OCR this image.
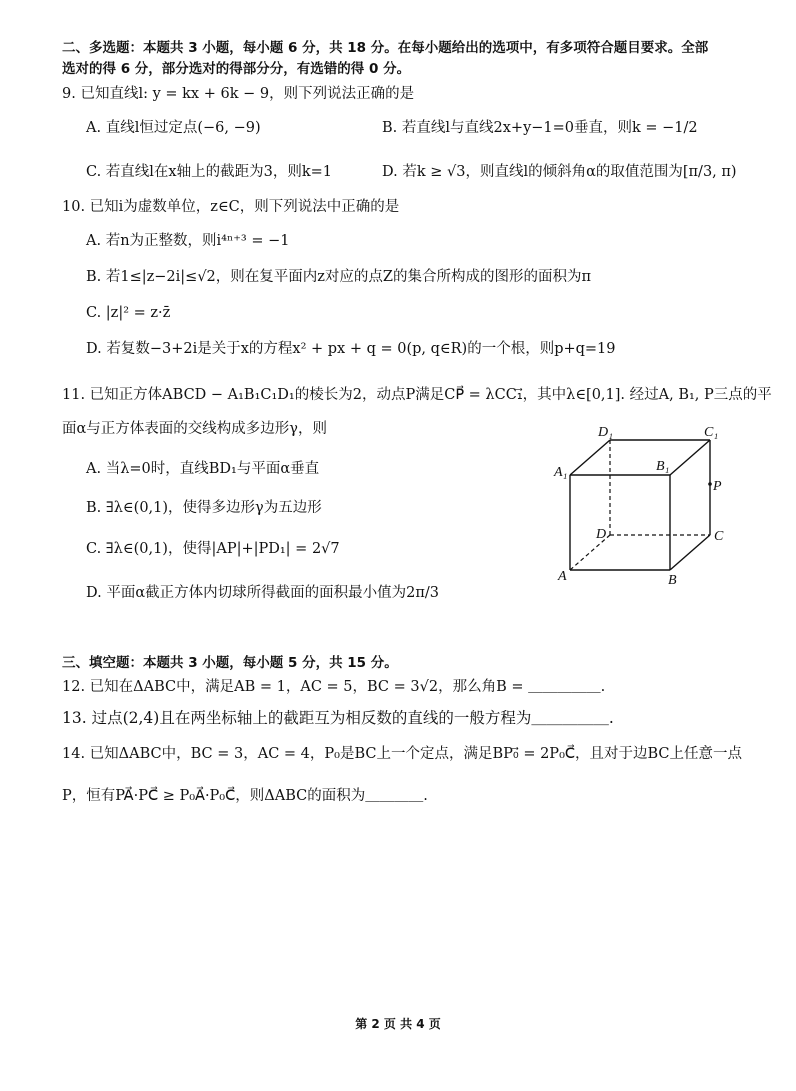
二、多选题：本题共 3 小题，每小题 6 分，共 18 分。在每小题给出的选项中，有多项符合题目要求。全部
选对的得 6 分，部分选对的得部分分，有选错的得 0 分。
9. 已知直线l: y = kx + 6k − 9，则下列说法正确的是
A. 直线l恒过定点(−6, −9)	B. 若直线l与直线2x+y−1=0垂直，则k = −1/2
C. 若直线l在x轴上的截距为3，则k=1	D. 若k ≥ √3，则直线l的倾斜角α的取值范围为[π/3, π)
10. 已知i为虚数单位，z∈C，则下列说法中正确的是
A. 若n为正整数，则i⁴ⁿ⁺³ = −1
B. 若1≤|z−2i|≤√2，则在复平面内z对应的点Z的集合所构成的图形的面积为π
C. |z|² = z·z̄
D. 若复数−3+2i是关于x的方程x² + px + q = 0(p, q∈R)的一个根，则p+q=19
11. 已知正方体ABCD − A₁B₁C₁D₁的棱长为2，动点P满足CP⃗ = λCC₁⃗，其中λ∈[0,1]. 经过A, B₁, P三点的平
面α与正方体表面的交线构成多边形γ，则
A. 当λ=0时，直线BD₁与平面α垂直
B. ∃λ∈(0,1)，使得多边形γ为五边形
C. ∃λ∈(0,1)，使得|AP|+|PD₁| = 2√7
D. 平面α截正方体内切球所得截面的面积最小值为2π/3
D₁	C₁
A₁	B₁
P
D	C
A	B
三、填空题：本题共 3 小题，每小题 5 分，共 15 分。
12. 已知在ΔABC中，满足AB = 1，AC = 5，BC = 3√2，那么角B = ＿＿＿＿＿.
13. 过点(2,4)且在两坐标轴上的截距互为相反数的直线的一般方程为＿＿＿＿＿.
14. 已知ΔABC中，BC = 3，AC = 4，P₀是BC上一个定点，满足BP₀⃗ = 2P₀C⃗，且对于边BC上任意一点
P，恒有PA⃗·PC⃗ ≥ P₀A⃗·P₀C⃗，则ΔABC的面积为＿＿＿＿.
第 2 页 共 4 页
